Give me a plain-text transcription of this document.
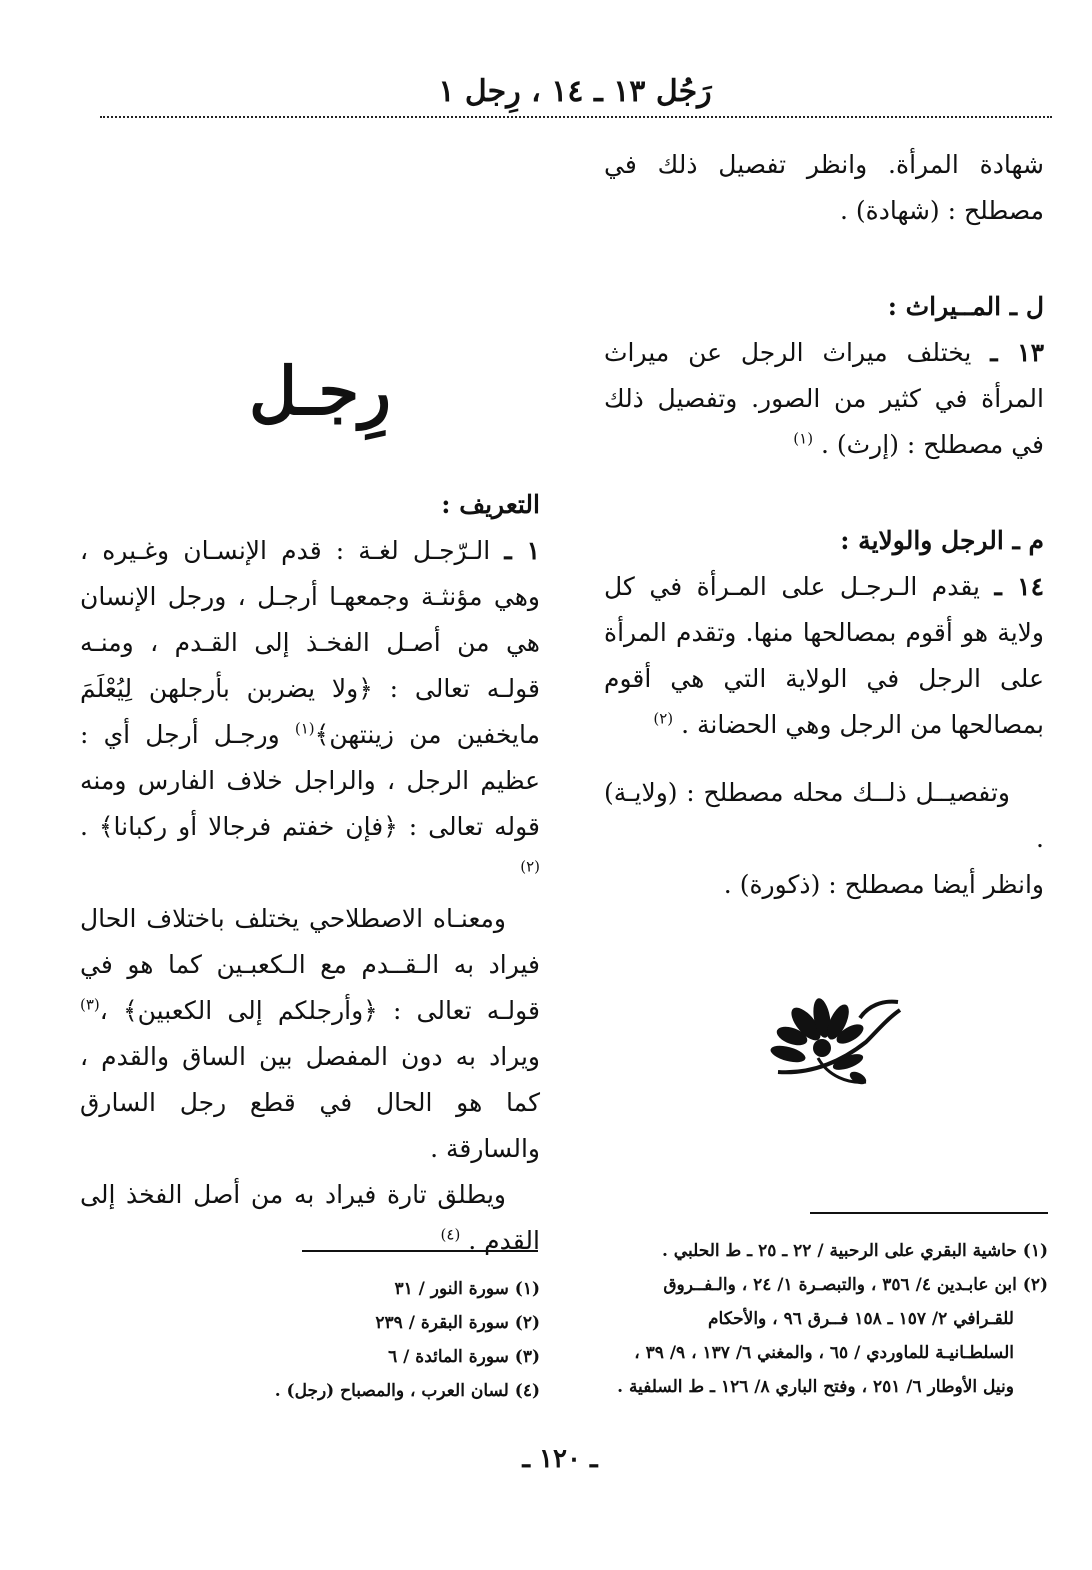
رَجُل ١٣ ـ ١٤ ، رِجل ١

شهادة المرأة. وانظر تفصيل ذلك في مصطلح : (شهادة) .

ل ـ المــيراث :

١٣ ـ يختلف ميراث الرجل عن ميراث المرأة في كثير من الصور. وتفصيل ذلك في مصطلح : (إرث) . $^{(١)}$

م ـ الرجل والولاية :

١٤ ـ يقدم الـرجـل على المـرأة في كل ولاية هو أقوم بمصالحها منها. وتقدم المرأة على الرجل في الولاية التي هي أقوم بمصالحها من الرجل وهي الحضانة . $^{(٢)}$

وتفصيــل ذلــك محله مصطلح : (ولايـة) .

وانظر أيضا مصطلح : (ذكورة) .

رِجـل

التعريف :

١ ـ الـرّجـل لغـة : قدم الإنسـان وغـيره ، وهي مؤنثـة وجمعهـا أرجـل ، ورجل الإنسان هي من أصـل الفخـذ إلى القـدم ، ومنـه قولـه تعالى : ﴿ولا يضربن بأرجلهن لِيُعْلَمَ مايخفين من زينتهن﴾$^{(١)}$ ورجـل أرجل أي : عظيم الرجل ، والراجل خلاف الفارس ومنه قوله تعالى : ﴿فإن خفتم فرجالا أو ركبانا﴾ . $^{(٢)}$

ومعنـاه الاصطلاحي يختلف باختلاف الحال فيراد به الـقــدم مع الـكعبـين كما هو في قولـه تعالى : ﴿وأرجلكم إلى الكعبين﴾ ،$^{(٣)}$ ويراد به دون المفصل بين الساق والقدم ، كما هو الحال في قطع رجل السارق والسارقة .

ويطلق تارة فيراد به من أصل الفخذ إلى القدم . $^{(٤)}$

(١) سورة النور / ٣١
(٢) سورة البقرة / ٢٣٩
(٣) سورة المائدة / ٦
(٤) لسان العرب ، والمصباح (رجل) .
(١) حاشية البقري على الرحبية / ٢٢ ـ ٢٥ ـ ط الحلبي .
(٢) ابن عابـدين ٤/ ٣٥٦ ، والتبصـرة ١/ ٢٤ ، والـفــروق
للقـرافي ٢/ ١٥٧ ـ ١٥٨ فــرق ٩٦ ، والأحكام
السلطـانيـة للماوردي / ٦٥ ، والمغني ٦/ ١٣٧ ، ٩/ ٣٩ ،
ونيل الأوطار ٦/ ٢٥١ ، وفتح الباري ٨/ ١٢٦ ـ ط السلفية .
ـ ١٢٠ ـ
